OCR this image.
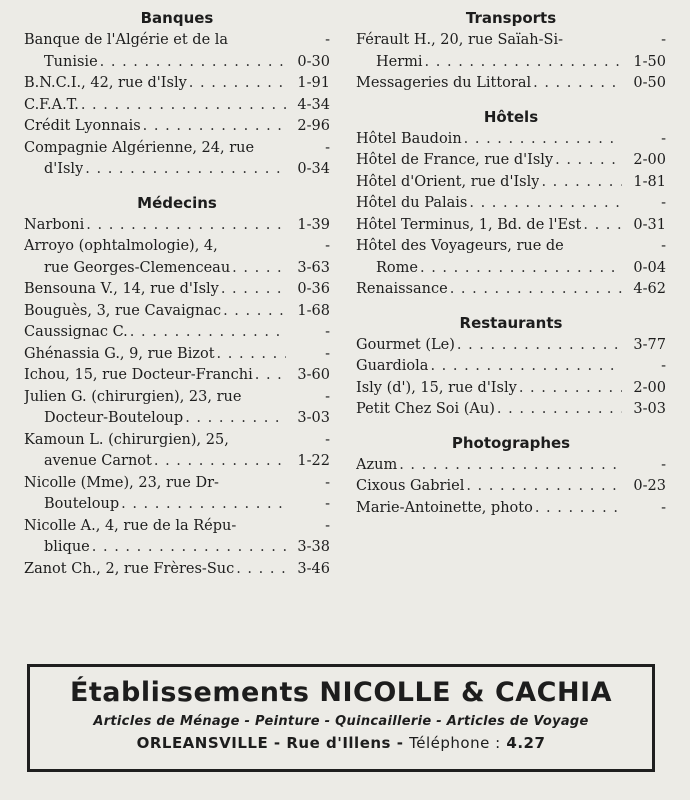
Banques
Banque de l'Algérie et de la	-
Tunisie . . .	0-30
B.N.C.I., 42, rue d'Isly . . .	1-91
C.F.A.T. . . .	4-34
Crédit Lyonnais . . .	2-96
Compagnie Algérienne, 24, rue	-
d'Isly . . .	0-34
Médecins
Narboni . . .	1-39
Arroyo (ophtalmologie), 4,	-
rue Georges-Clemenceau . . .	3-63
Bensouna V., 14, rue d'Isly . . .	0-36
Bouguès, 3, rue Cavaignac . . .	1-68
Caussignac C. . . .	-
Ghénassia G., 9, rue Bizot . . .	-
Ichou, 15, rue Docteur-Franchi . . .	3-60
Julien G. (chirurgien), 23, rue	-
Docteur-Bouteloup . . .	3-03
Kamoun L. (chirurgien), 25,	-
avenue Carnot . . .	1-22
Nicolle (Mme), 23, rue Dr-	-
Bouteloup . . .	-
Nicolle A., 4, rue de la Répu-	-
blique . . .	3-38
Zanot Ch., 2, rue Frères-Suc . . .	3-46
Transports
Férault H., 20, rue Saïah-Si-	-
Hermi . . .	1-50
Messageries du Littoral . . .	0-50
Hôtels
Hôtel Baudoin . . .	-
Hôtel de France, rue d'Isly . . .	2-00
Hôtel d'Orient, rue d'Isly . . .	1-81
Hôtel du Palais . . .	-
Hôtel Terminus, 1, Bd. de l'Est . . .	0-31
Hôtel des Voyageurs, rue de	-
Rome . . .	0-04
Renaissance . . .	4-62
Restaurants
Gourmet (Le) . . .	3-77
Guardiola . . .	-
Isly (d'), 15, rue d'Isly . . .	2-00
Petit Chez Soi (Au) . . .	3-03
Photographes
Azum . . .	-
Cixous Gabriel . . .	0-23
Marie-Antoinette, photo . . .	-
Établissements NICOLLE & CACHIA
Articles de Ménage - Peinture - Quincaillerie - Articles de Voyage
ORLEANSVILLE - Rue d'Illens - Téléphone : 4.27
